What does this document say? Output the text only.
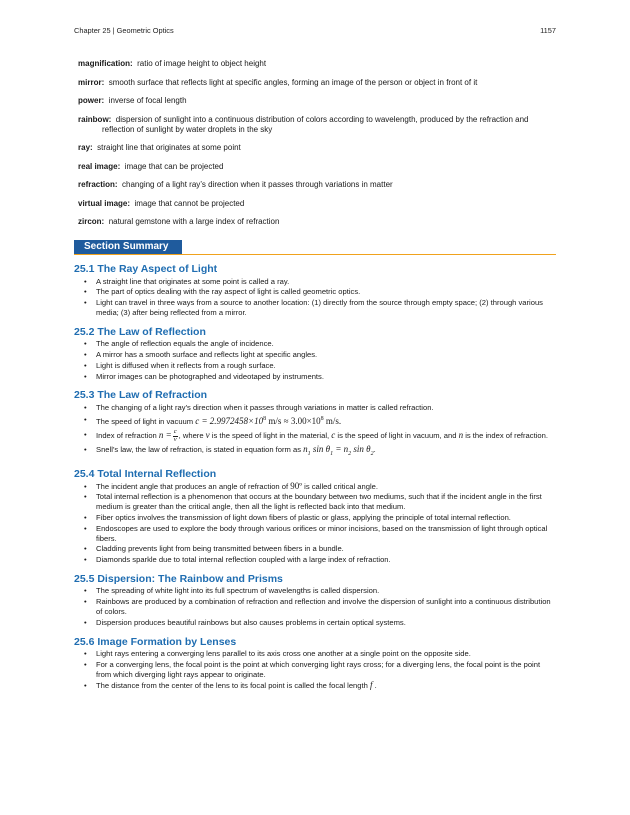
Chapter 25 | Geometric Optics	1157

magnification: ratio of image height to object height

mirror: smooth surface that reflects light at specific angles, forming an image of the person or object in front of it

power: inverse of focal length

rainbow: dispersion of sunlight into a continuous distribution of colors according to wavelength, produced by the refraction and reflection of sunlight by water droplets in the sky

ray: straight line that originates at some point

real image: image that can be projected

refraction: changing of a light ray’s direction when it passes through variations in matter

virtual image: image that cannot be projected

zircon: natural gemstone with a large index of refraction

Section Summary
25.1 The Ray Aspect of Light
• A straight line that originates at some point is called a ray.
• The part of optics dealing with the ray aspect of light is called geometric optics.
• Light can travel in three ways from a source to another location: (1) directly from the source through empty space; (2) through various media; (3) after being reflected from a mirror.
25.2 The Law of Reflection
• The angle of reflection equals the angle of incidence.
• A mirror has a smooth surface and reflects light at specific angles.
• Light is diffused when it reflects from a rough surface.
• Mirror images can be photographed and videotaped by instruments.
25.3 The Law of Refraction
• The changing of a light ray’s direction when it passes through variations in matter is called refraction.
• The speed of light in vacuum $c = 2.9972458\times 10^8$ $m/s \approx 3.00\times 10^8$ m/s.
• Index of refraction $n = \frac{c}{v}$ , where v is the speed of light in the material, c is the speed of light in vacuum, and n is the index of refraction.
• Snell’s law, the law of refraction, is stated in equation form as $n_1$ $\sin \theta_1 = n_2$ $\sin \theta_2$.
25.4 Total Internal Reflection
• The incident angle that produces an angle of refraction of 90º is called critical angle.
• Total internal reflection is a phenomenon that occurs at the boundary between two mediums, such that if the incident angle in the first medium is greater than the critical angle, then all the light is reflected back into that medium.
• Fiber optics involves the transmission of light down fibers of plastic or glass, applying the principle of total internal reflection.
• Endoscopes are used to explore the body through various orifices or minor incisions, based on the transmission of light through optical fibers.
• Cladding prevents light from being transmitted between fibers in a bundle.
• Diamonds sparkle due to total internal reflection coupled with a large index of refraction.
25.5 Dispersion: The Rainbow and Prisms
• The spreading of white light into its full spectrum of wavelengths is called dispersion.
• Rainbows are produced by a combination of refraction and reflection and involve the dispersion of sunlight into a continuous distribution of colors.
• Dispersion produces beautiful rainbows but also causes problems in certain optical systems.
25.6 Image Formation by Lenses
• Light rays entering a converging lens parallel to its axis cross one another at a single point on the opposite side.
• For a converging lens, the focal point is the point at which converging light rays cross; for a diverging lens, the focal point is the point from which diverging light rays appear to originate.
• The distance from the center of the lens to its focal point is called the focal length f .
